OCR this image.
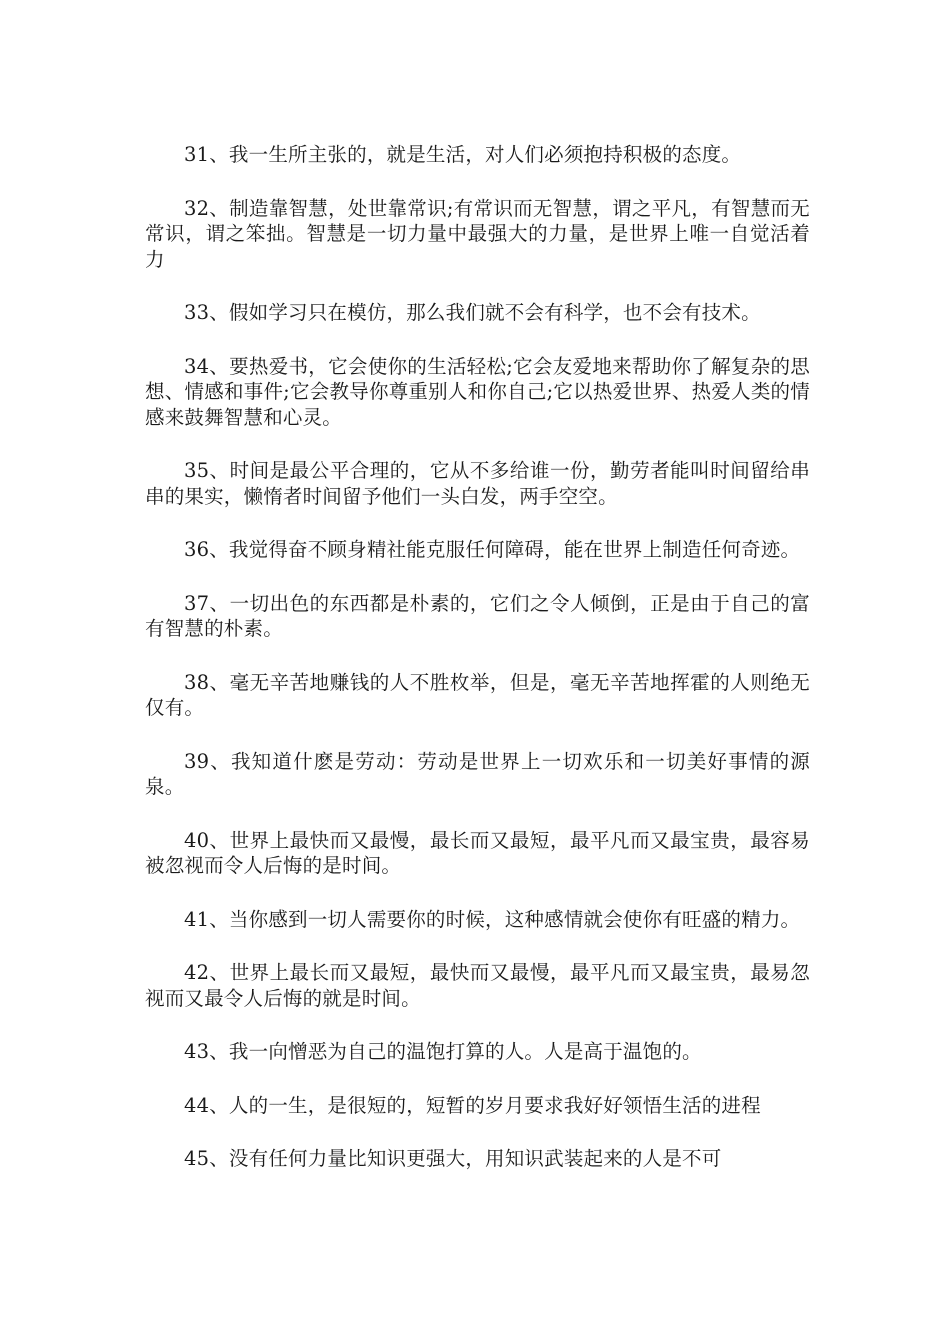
31、我一生所主张的，就是生活，对人们必须抱持积极的态度。

32、制造靠智慧，处世靠常识;有常识而无智慧，谓之平凡，有智慧而无常识，谓之笨拙。智慧是一切力量中最强大的力量，是世界上唯一自觉活着力

33、假如学习只在模仿，那么我们就不会有科学，也不会有技术。

34、要热爱书，它会使你的生活轻松;它会友爱地来帮助你了解复杂的思想、情感和事件;它会教导你尊重别人和你自己;它以热爱世界、热爱人类的情感来鼓舞智慧和心灵。

35、时间是最公平合理的，它从不多给谁一份，勤劳者能叫时间留给串串的果实，懒惰者时间留予他们一头白发，两手空空。

36、我觉得奋不顾身精社能克服任何障碍，能在世界上制造任何奇迹。

37、一切出色的东西都是朴素的，它们之令人倾倒，正是由于自己的富有智慧的朴素。

38、毫无辛苦地赚钱的人不胜枚举，但是，毫无辛苦地挥霍的人则绝无仅有。

39、我知道什麽是劳动：劳动是世界上一切欢乐和一切美好事情的源泉。

40、世界上最快而又最慢，最长而又最短，最平凡而又最宝贵，最容易被忽视而令人后悔的是时间。

41、当你感到一切人需要你的时候，这种感情就会使你有旺盛的精力。

42、世界上最长而又最短，最快而又最慢，最平凡而又最宝贵，最易忽视而又最令人后悔的就是时间。

43、我一向憎恶为自己的温饱打算的人。人是高于温饱的。

44、人的一生，是很短的，短暂的岁月要求我好好领悟生活的进程

45、没有任何力量比知识更强大，用知识武装起来的人是不可
